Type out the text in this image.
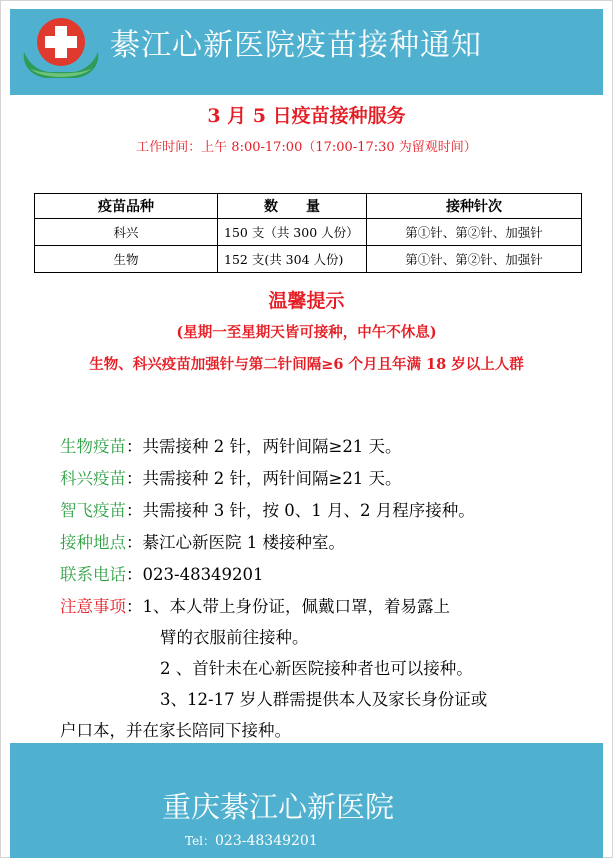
綦江心新医院疫苗接种通知
3 月 5 日疫苗接种服务
工作时间：上午 8:00-17:00（17:00-17:30 为留观时间）
疫苗品种	数　　量	接种针次
科兴	150 支（共 300 人份）	第①针、第②针、加强针
生物	152 支(共 304 人份)	第①针、第②针、加强针
温馨提示
(星期一至星期天皆可接种，中午不休息)
生物、科兴疫苗加强针与第二针间隔≥6 个月且年满 18 岁以上人群
生物疫苗：共需接种 2 针，两针间隔≥21 天。
科兴疫苗：共需接种 2 针，两针间隔≥21 天。
智飞疫苗：共需接种 3 针，按 0、1 月、2 月程序接种。
接种地点：綦江心新医院 1 楼接种室。
联系电话：023-48349201
注意事项：1、本人带上身份证，佩戴口罩，着易露上
臂的衣服前往接种。
2 、首针未在心新医院接种者也可以接种。
3、12-17 岁人群需提供本人及家长身份证或
户口本，并在家长陪同下接种。
重庆綦江心新医院
Tel：023-48349201
